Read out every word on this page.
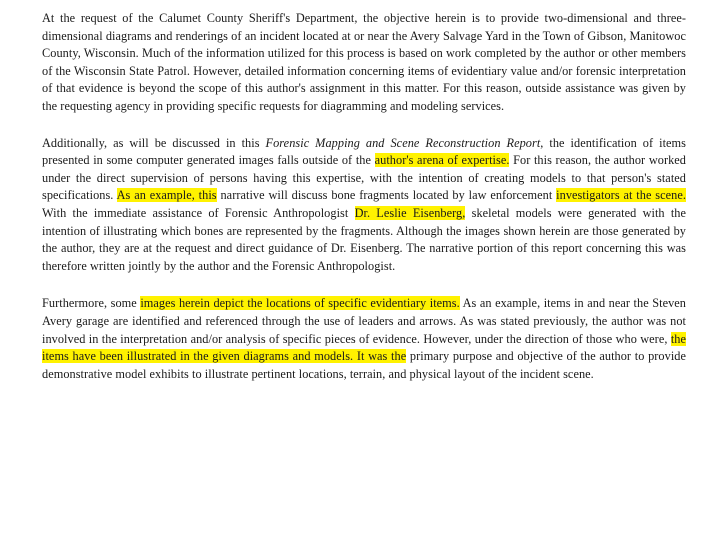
At the request of the Calumet County Sheriff's Department, the objective herein is to provide two-dimensional and three-dimensional diagrams and renderings of an incident located at or near the Avery Salvage Yard in the Town of Gibson, Manitowoc County, Wisconsin. Much of the information utilized for this process is based on work completed by the author or other members of the Wisconsin State Patrol. However, detailed information concerning items of evidentiary value and/or forensic interpretation of that evidence is beyond the scope of this author's assignment in this matter. For this reason, outside assistance was given by the requesting agency in providing specific requests for diagramming and modeling services.

Additionally, as will be discussed in this Forensic Mapping and Scene Reconstruction Report, the identification of items presented in some computer generated images falls outside of the author's arena of expertise. For this reason, the author worked under the direct supervision of persons having this expertise, with the intention of creating models to that person's stated specifications. As an example, this narrative will discuss bone fragments located by law enforcement investigators at the scene. With the immediate assistance of Forensic Anthropologist Dr. Leslie Eisenberg, skeletal models were generated with the intention of illustrating which bones are represented by the fragments. Although the images shown herein are those generated by the author, they are at the request and direct guidance of Dr. Eisenberg. The narrative portion of this report concerning this was therefore written jointly by the author and the Forensic Anthropologist.

Furthermore, some images herein depict the locations of specific evidentiary items. As an example, items in and near the Steven Avery garage are identified and referenced through the use of leaders and arrows. As was stated previously, the author was not involved in the interpretation and/or analysis of specific pieces of evidence. However, under the direction of those who were, the items have been illustrated in the given diagrams and models. It was the primary purpose and objective of the author to provide demonstrative model exhibits to illustrate pertinent locations, terrain, and physical layout of the incident scene.
